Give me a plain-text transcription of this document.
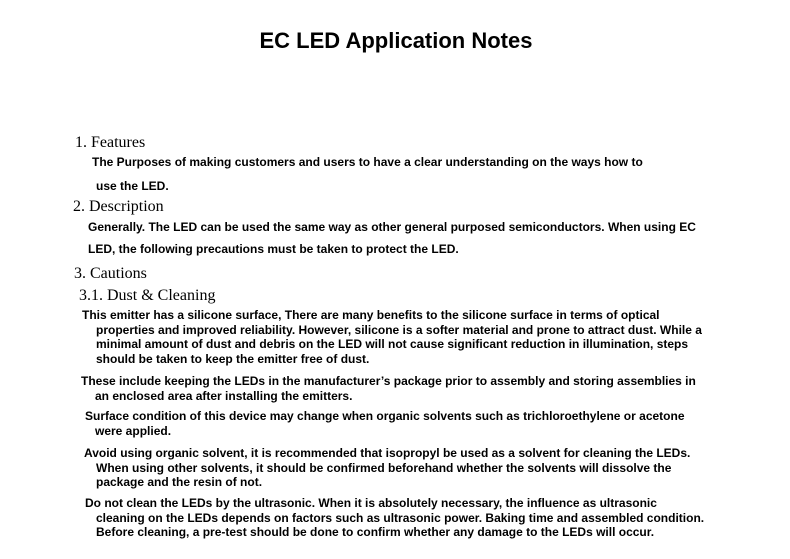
EC LED Application Notes
1. Features
The Purposes of making customers and users to have a clear understanding on the ways how to
use the LED.
2. Description
Generally. The LED can be used the same way as other general purposed semiconductors. When using EC
LED, the following precautions must be taken to protect the LED.
3. Cautions
3.1. Dust & Cleaning
This emitter has a silicone surface, There are many benefits to the silicone surface in terms of optical
properties and improved reliability. However, silicone is a softer material and prone to attract dust. While a
minimal amount of dust and debris on the LED will not cause significant reduction in illumination, steps
should be taken to keep the emitter free of dust.
These include keeping the LEDs in the manufacturer’s package prior to assembly and storing assemblies in
an enclosed area after installing the emitters.
Surface condition of this device may change when organic solvents such as trichloroethylene or acetone
were applied.
Avoid using organic solvent, it is recommended that isopropyl be used as a solvent for cleaning the LEDs.
When using other solvents, it should be confirmed beforehand whether the solvents will dissolve the
package and the resin of not.
Do not clean the LEDs by the ultrasonic. When it is absolutely necessary, the influence as ultrasonic
cleaning on the LEDs depends on factors such as ultrasonic power. Baking time and assembled condition.
Before cleaning, a pre-test should be done to confirm whether any damage to the LEDs will occur.
